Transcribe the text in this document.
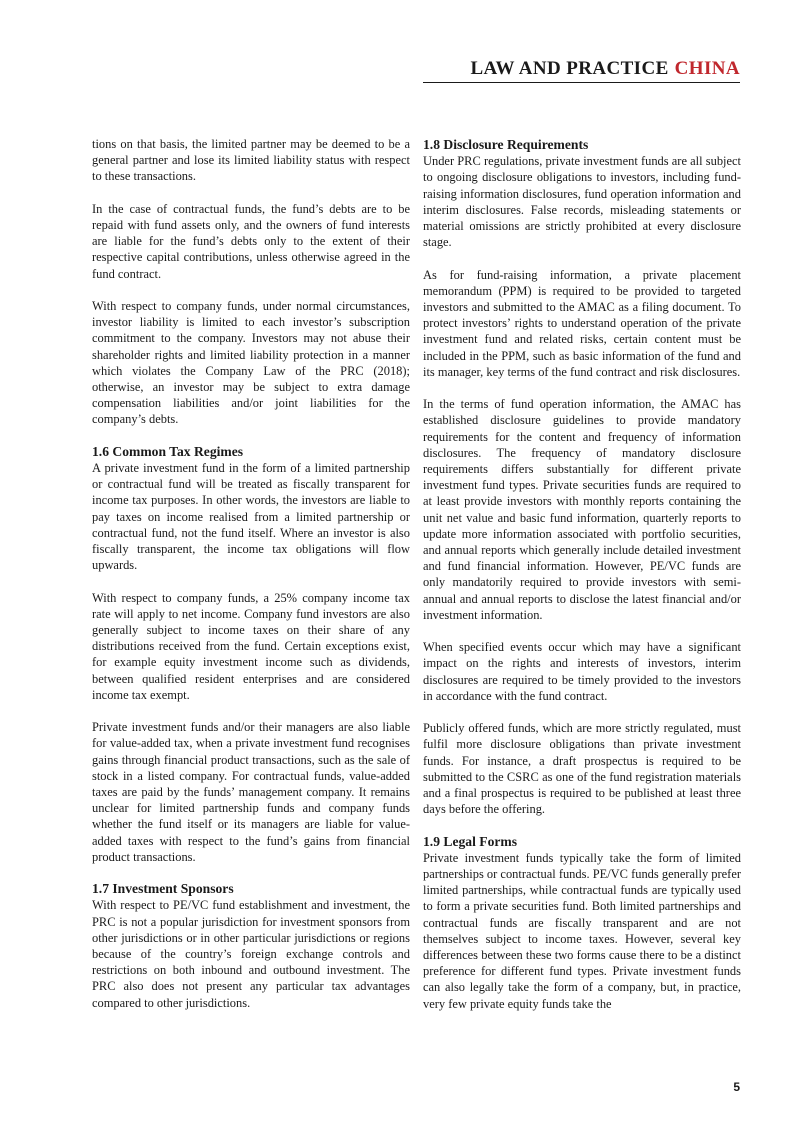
LAW AND PRACTICE CHINA

tions on that basis, the limited partner may be deemed to be a general partner and lose its limited liability status with respect to these transactions.

In the case of contractual funds, the fund’s debts are to be repaid with fund assets only, and the owners of fund interests are liable for the fund’s debts only to the extent of their respective capital contributions, unless otherwise agreed in the fund contract.

With respect to company funds, under normal circumstances, investor liability is limited to each investor’s subscription commitment to the company. Investors may not abuse their shareholder rights and limited liability protection in a manner which violates the Company Law of the PRC (2018); otherwise, an investor may be subject to extra damage compensation liabilities and/or joint liabilities for the company’s debts.

1.6 Common Tax Regimes

A private investment fund in the form of a limited partnership or contractual fund will be treated as fiscally transparent for income tax purposes. In other words, the investors are liable to pay taxes on income realised from a limited partnership or contractual fund, not the fund itself. Where an investor is also fiscally transparent, the income tax obligations will flow upwards.

With respect to company funds, a 25% company income tax rate will apply to net income. Company fund investors are also generally subject to income taxes on their share of any distributions received from the fund. Certain exceptions exist, for example equity investment income such as dividends, between qualified resident enterprises and are considered income tax exempt.

Private investment funds and/or their managers are also liable for value-added tax, when a private investment fund recognises gains through financial product transactions, such as the sale of stock in a listed company. For contractual funds, value-added taxes are paid by the funds’ management company. It remains unclear for limited partnership funds and company funds whether the fund itself or its managers are liable for value-added taxes with respect to the fund’s gains from financial product transactions.

1.7 Investment Sponsors

With respect to PE/VC fund establishment and investment, the PRC is not a popular jurisdiction for investment sponsors from other jurisdictions or in other particular jurisdictions or regions because of the country’s foreign exchange controls and restrictions on both inbound and outbound investment. The PRC also does not present any particular tax advantages compared to other jurisdictions.

1.8 Disclosure Requirements

Under PRC regulations, private investment funds are all subject to ongoing disclosure obligations to investors, including fund-raising information disclosures, fund operation information and interim disclosures. False records, misleading statements or material omissions are strictly prohibited at every disclosure stage.

As for fund-raising information, a private placement memorandum (PPM) is required to be provided to targeted investors and submitted to the AMAC as a filing document. To protect investors’ rights to understand operation of the private investment fund and related risks, certain content must be included in the PPM, such as basic information of the fund and its manager, key terms of the fund contract and risk disclosures.

In the terms of fund operation information, the AMAC has established disclosure guidelines to provide mandatory requirements for the content and frequency of information disclosures. The frequency of mandatory disclosure requirements differs substantially for different private investment fund types. Private securities funds are required to at least provide investors with monthly reports containing the unit net value and basic fund information, quarterly reports to update more information associated with portfolio securities, and annual reports which generally include detailed investment and fund financial information. However, PE/VC funds are only mandatorily required to provide investors with semi-annual and annual reports to disclose the latest financial and/or investment information.

When specified events occur which may have a significant impact on the rights and interests of investors, interim disclosures are required to be timely provided to the investors in accordance with the fund contract.

Publicly offered funds, which are more strictly regulated, must fulfil more disclosure obligations than private investment funds. For instance, a draft prospectus is required to be submitted to the CSRC as one of the fund registration materials and a final prospectus is required to be published at least three days before the offering.

1.9 Legal Forms

Private investment funds typically take the form of limited partnerships or contractual funds. PE/VC funds generally prefer limited partnerships, while contractual funds are typically used to form a private securities fund. Both limited partnerships and contractual funds are fiscally transparent and are not themselves subject to income taxes. However, several key differences between these two forms cause there to be a distinct preference for different fund types. Private investment funds can also legally take the form of a company, but, in practice, very few private equity funds take the

5
